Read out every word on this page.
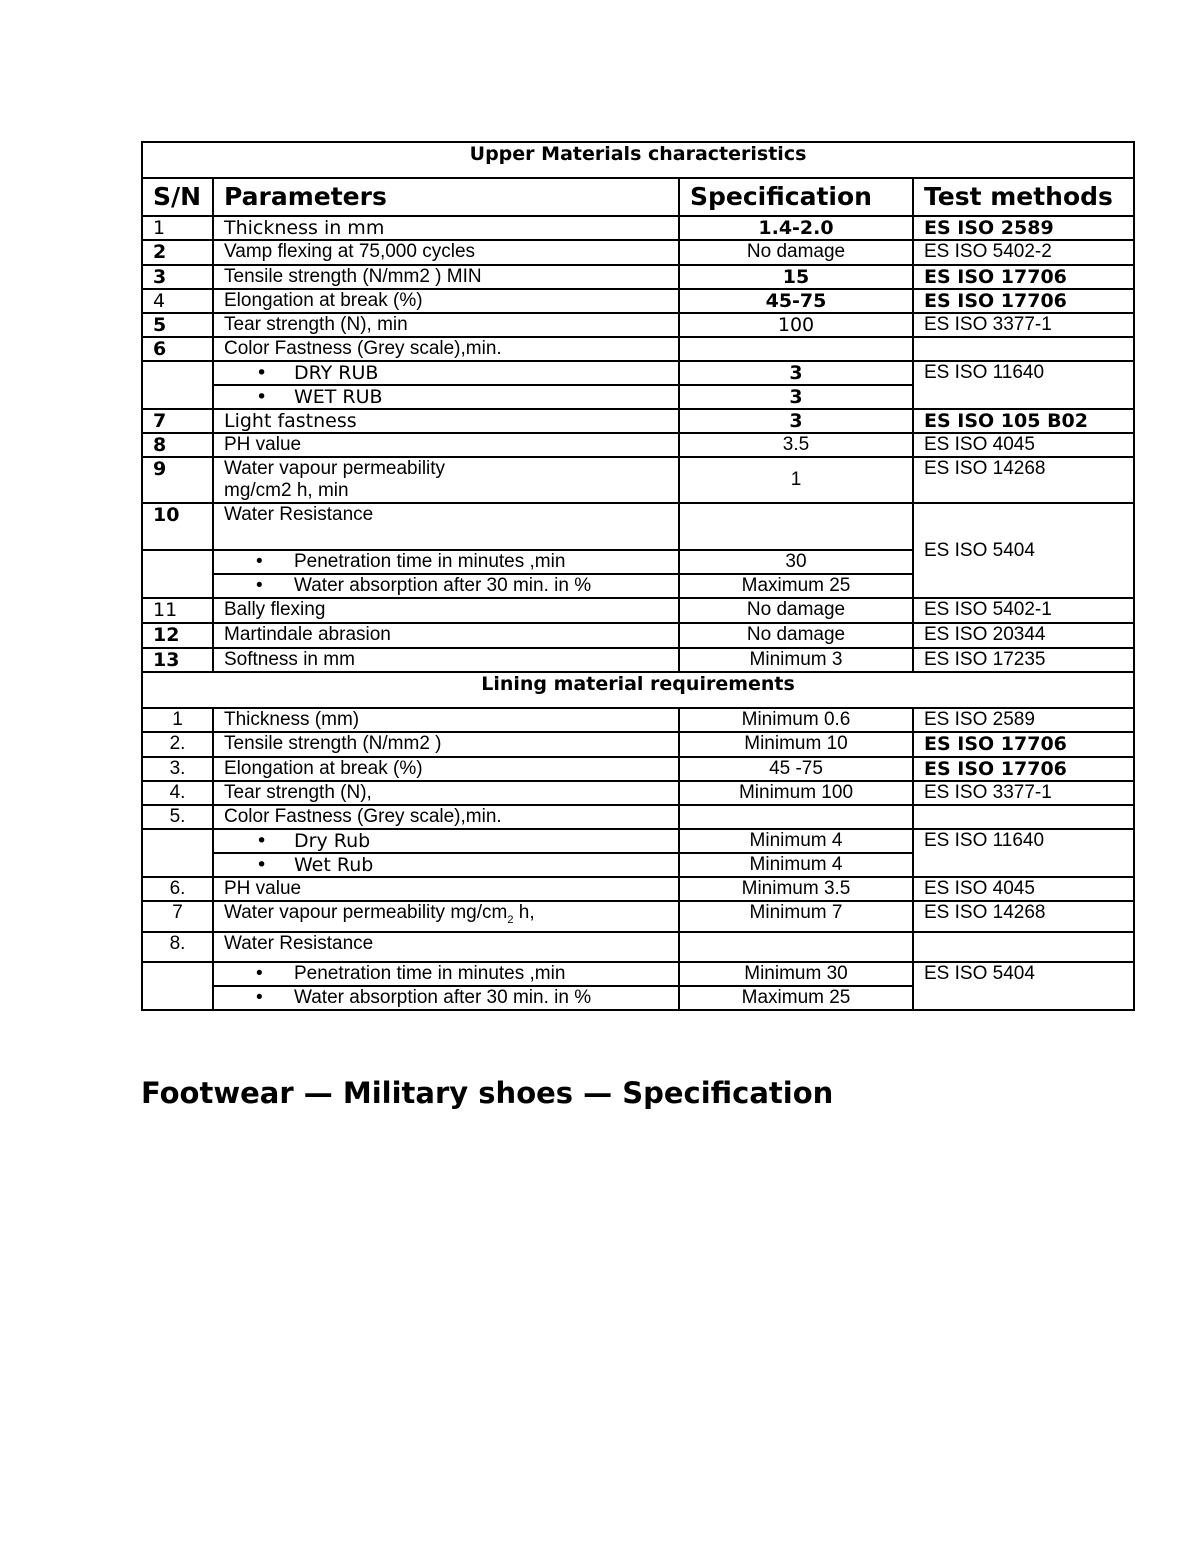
Upper Materials characteristics			
S/N	Parameters	Specification	Test methods
1	Thickness in mm	1.4-2.0	ES ISO 2589
2	Vamp flexing at 75,000 cycles	No damage	ES ISO 5402-2
3	Tensile strength (N/mm2 ) MIN	15	ES ISO 17706
4	Elongation at break (%)	45-75	ES ISO 17706
5	Tear strength (N), min	100	ES ISO 3377-1
6	Color Fastness (Grey scale),min.		
	•DRY RUB	3	ES ISO 11640
•WET RUB	3	
7	Light fastness	3	ES ISO 105 B02
8	PH value	3.5	ES ISO 4045
9	Water vapour permeability
mg/cm2 h, min	1	ES ISO 14268
10	Water Resistance		ES ISO 5404
	•Penetration time in minutes ,min	30	
•Water absorption after 30 min. in %	Maximum 25	
11	Bally flexing	No damage	ES ISO 5402-1
12	Martindale abrasion	No damage	ES ISO 20344
13	Softness in mm	Minimum 3	ES ISO 17235
Lining material requirements			
1	Thickness (mm)	Minimum 0.6	ES ISO 2589
2.	Tensile strength (N/mm2 )	Minimum 10	ES ISO 17706
3.	Elongation at break (%)	45 -75	ES ISO 17706
4.	Tear strength (N),	Minimum 100	ES ISO 3377-1
5.	Color Fastness (Grey scale),min.		
	•Dry Rub	Minimum 4	ES ISO 11640
•Wet Rub	Minimum 4	
6.	PH value	Minimum 3.5	ES ISO 4045
7	Water vapour permeability $mg/cm_2$ h,	Minimum 7	ES ISO 14268
8.	Water Resistance		
	•Penetration time in minutes ,min	Minimum 30	ES ISO 5404
•Water absorption after 30 min. in %	Maximum 25	
Footwear — Military shoes — Specification
